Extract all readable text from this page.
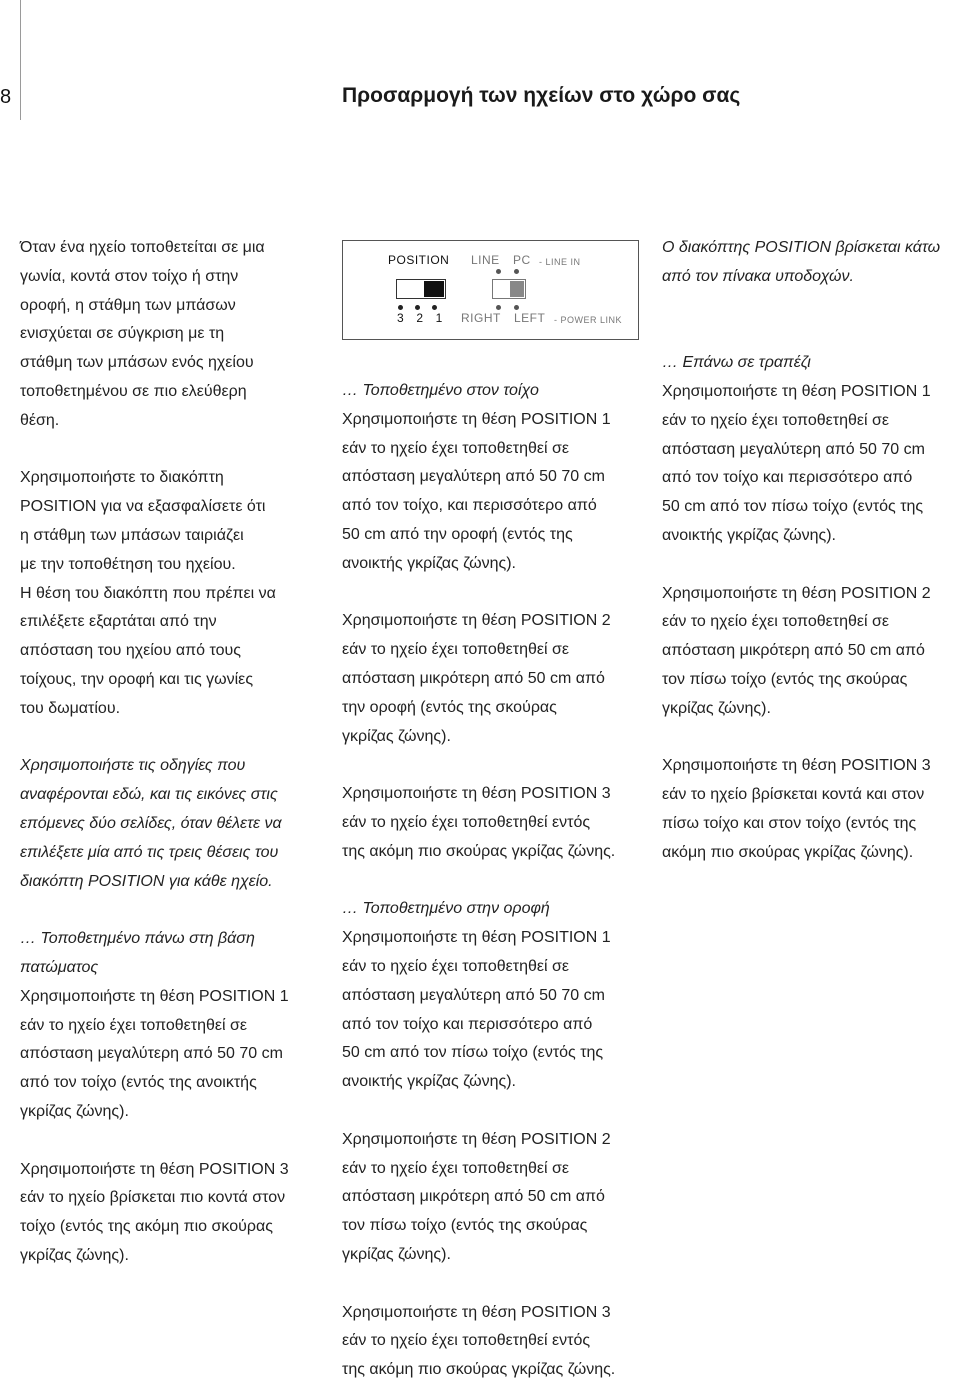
8	Προσαρμογή των ηχείων στο χώρο σας

Όταν ένα ηχείο τοποθετείται σε μια

γωνία, κοντά στον τοίχο ή στην

οροφή, η στάθμη των μπάσων

ενισχύεται σε σύγκριση με τη

στάθμη των μπάσων ενός ηχείου

τοποθετημένου σε πιο ελεύθερη

θέση.

Χρησιμοποιήστε το διακόπτη

POSITION για να εξασφαλίσετε ότι

η στάθμη των μπάσων ταιριάζει

με την τοποθέτηση του ηχείου.

Η θέση του διακόπτη που πρέπει να

επιλέξετε εξαρτάται από την

απόσταση του ηχείου από τους

τοίχους, την οροφή και τις γωνίες

του δωματίου.

Χρησιμοποιήστε τις οδηγίες που

αναφέρονται εδώ, και τις εικόνες στις

επόμενες δύο σελίδες, όταν θέλετε να

επιλέξετε μία από τις τρεις θέσεις του

διακόπτη POSITION για κάθε ηχείο.

… Τοποθετημένο πάνω στη βάση

πατώματος

Χρησιμοποιήστε τη θέση POSITION 1

εάν το ηχείο έχει τοποθετηθεί σε

απόσταση μεγαλύτερη από 50 70 cm

από τον τοίχο (εντός της ανοικτής

γκρίζας ζώνης).

Χρησιμοποιήστε τη θέση POSITION 3

εάν το ηχείο βρίσκεται πιο κοντά στον

τοίχο (εντός της ακόμη πιο σκούρας

γκρίζας ζώνης).

POSITION LINE PC - LINE IN
3  2  1 RIGHT LEFT - POWER LINK

… Τοποθετημένο στον τοίχο

Χρησιμοποιήστε τη θέση POSITION 1

εάν το ηχείο έχει τοποθετηθεί σε

απόσταση μεγαλύτερη από 50 70 cm

από τον τοίχο, και περισσότερο από

50 cm από την οροφή (εντός της

ανοικτής γκρίζας ζώνης).

Χρησιμοποιήστε τη θέση POSITION 2

εάν το ηχείο έχει τοποθετηθεί σε

απόσταση μικρότερη από 50 cm από

την οροφή (εντός της σκούρας

γκρίζας ζώνης).

Χρησιμοποιήστε τη θέση POSITION 3

εάν το ηχείο έχει τοποθετηθεί εντός

της ακόμη πιο σκούρας γκρίζας ζώνης.

… Τοποθετημένο στην οροφή

Χρησιμοποιήστε τη θέση POSITION 1

εάν το ηχείο έχει τοποθετηθεί σε

απόσταση μεγαλύτερη από 50 70 cm

από τον τοίχο και περισσότερο από

50 cm από τον πίσω τοίχο (εντός της

ανοικτής γκρίζας ζώνης).

Χρησιμοποιήστε τη θέση POSITION 2

εάν το ηχείο έχει τοποθετηθεί σε

απόσταση μικρότερη από 50 cm από

τον πίσω τοίχο (εντός της σκούρας

γκρίζας ζώνης).

Χρησιμοποιήστε τη θέση POSITION 3

εάν το ηχείο έχει τοποθετηθεί εντός

της ακόμη πιο σκούρας γκρίζας ζώνης.

Ο διακόπτης POSITION βρίσκεται κάτω

από τον πίνακα υποδοχών.

… Επάνω σε τραπέζι

Χρησιμοποιήστε τη θέση POSITION 1

εάν το ηχείο έχει τοποθετηθεί σε

απόσταση μεγαλύτερη από 50 70 cm

από τον τοίχο και περισσότερο από

50 cm από τον πίσω τοίχο (εντός της

ανοικτής γκρίζας ζώνης).

Χρησιμοποιήστε τη θέση POSITION 2

εάν το ηχείο έχει τοποθετηθεί σε

απόσταση μικρότερη από 50 cm από

τον πίσω τοίχο (εντός της σκούρας

γκρίζας ζώνης).

Χρησιμοποιήστε τη θέση POSITION 3

εάν το ηχείο βρίσκεται κοντά και στον

πίσω τοίχο και στον τοίχο (εντός της

ακόμη πιο σκούρας γκρίζας ζώνης).
